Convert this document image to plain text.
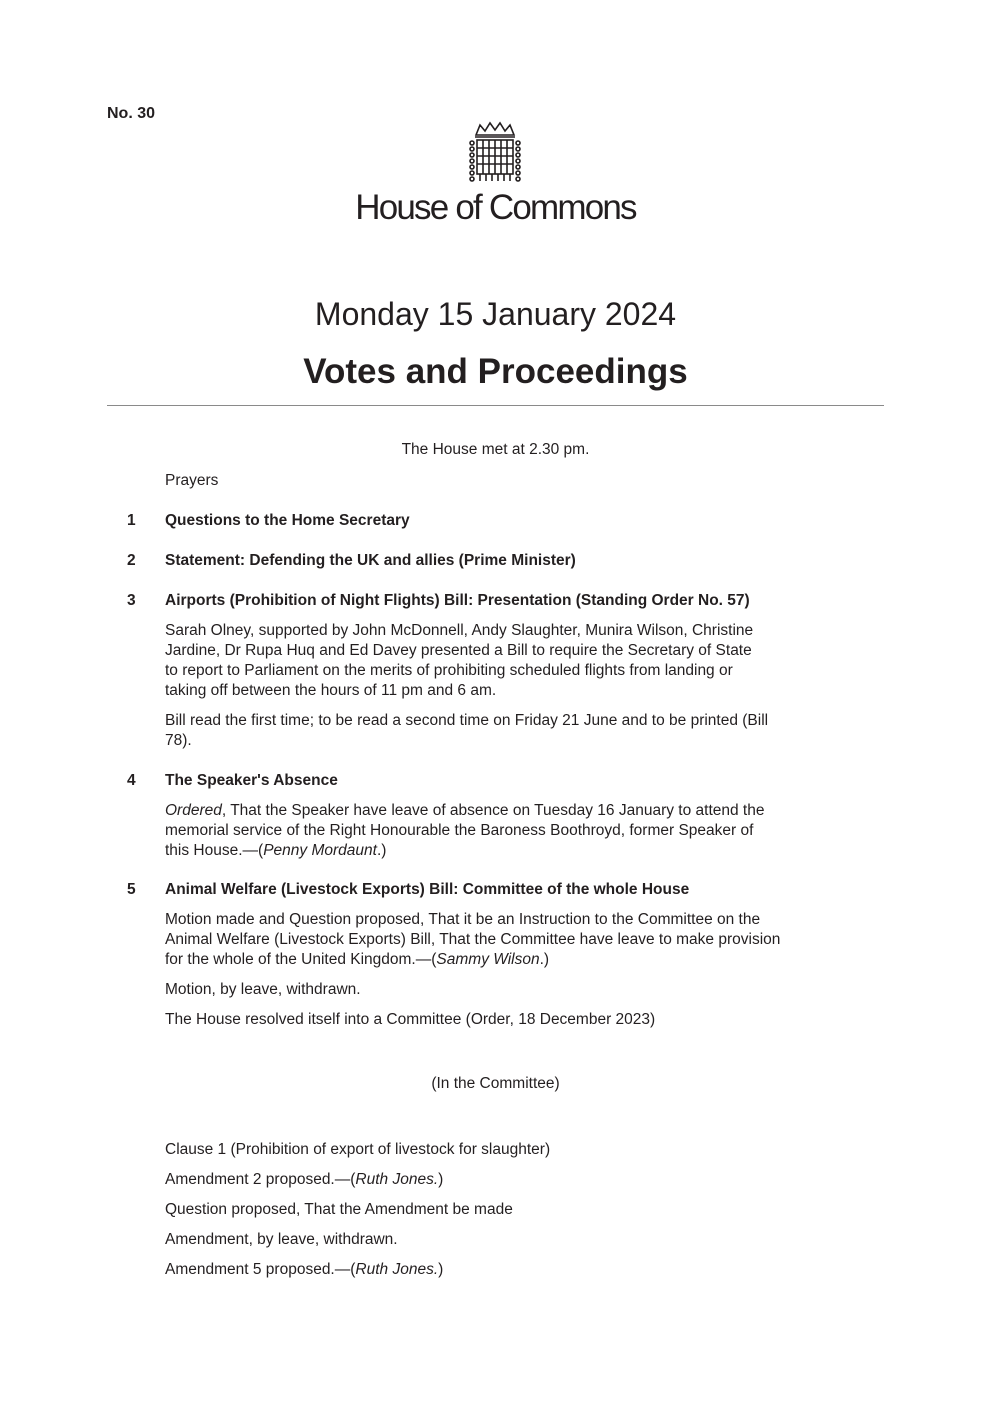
No. 30
House of Commons
Monday 15 January 2024
Votes and Proceedings
The House met at 2.30 pm.
Prayers
1 Questions to the Home Secretary
2 Statement: Defending the UK and allies (Prime Minister)
3 Airports (Prohibition of Night Flights) Bill: Presentation (Standing Order No. 57)
Sarah Olney, supported by John McDonnell, Andy Slaughter, Munira Wilson, Christine
Jardine, Dr Rupa Huq and Ed Davey presented a Bill to require the Secretary of State
to report to Parliament on the merits of prohibiting scheduled flights from landing or
taking off between the hours of 11 pm and 6 am.
Bill read the first time; to be read a second time on Friday 21 June and to be printed (Bill
78).
4 The Speaker's Absence
Ordered, That the Speaker have leave of absence on Tuesday 16 January to attend the
memorial service of the Right Honourable the Baroness Boothroyd, former Speaker of
this House.—(Penny Mordaunt.)
5 Animal Welfare (Livestock Exports) Bill: Committee of the whole House
Motion made and Question proposed, That it be an Instruction to the Committee on the
Animal Welfare (Livestock Exports) Bill, That the Committee have leave to make provision
for the whole of the United Kingdom.—(Sammy Wilson.)
Motion, by leave, withdrawn.
The House resolved itself into a Committee (Order, 18 December 2023)
(In the Committee)
Clause 1 (Prohibition of export of livestock for slaughter)
Amendment 2 proposed.—(Ruth Jones.)
Question proposed, That the Amendment be made
Amendment, by leave, withdrawn.
Amendment 5 proposed.—(Ruth Jones.)
